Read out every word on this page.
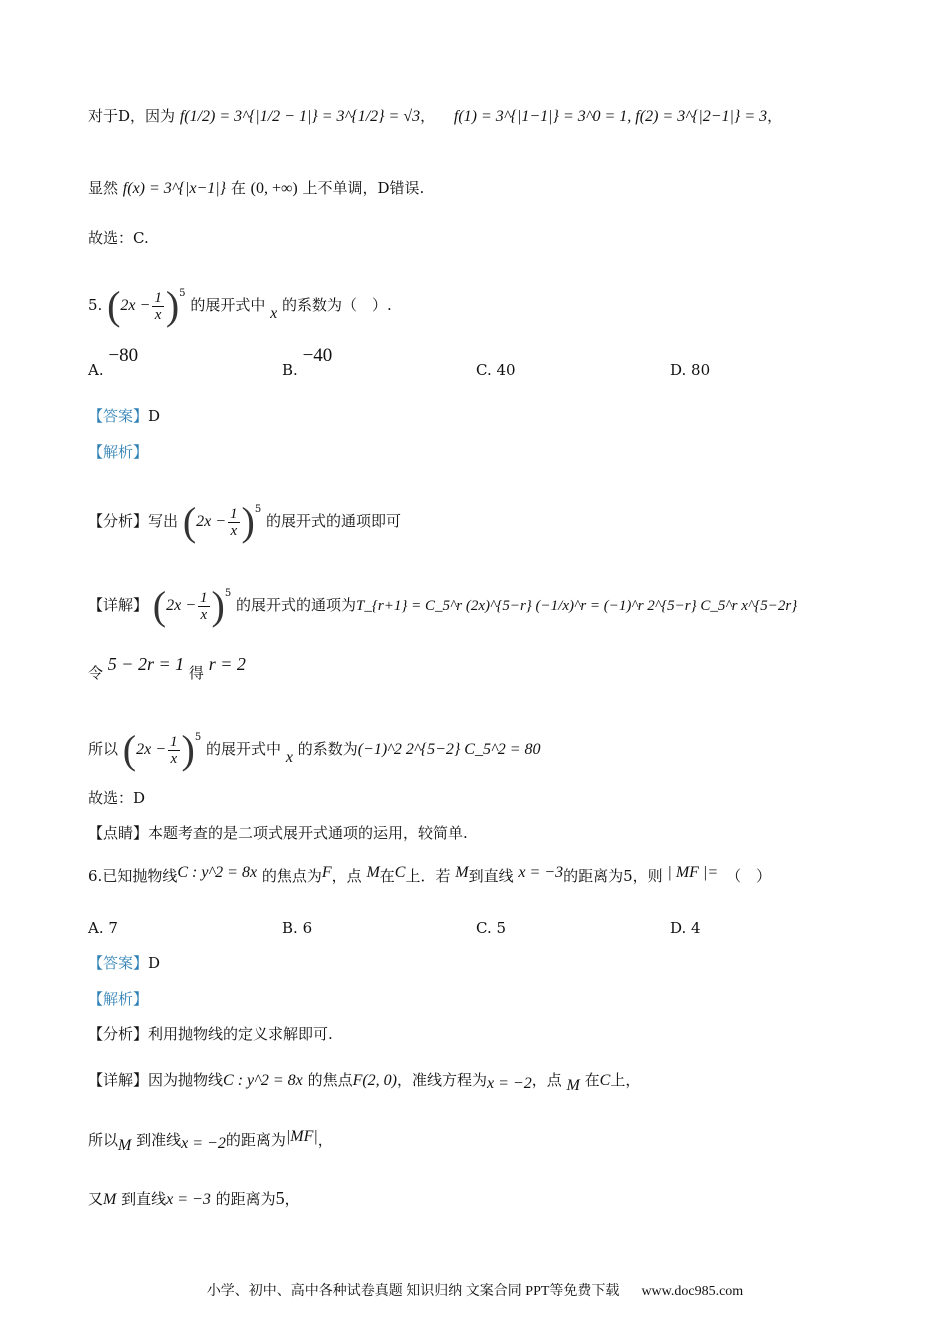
对于D，因为 f(1/2) = 3^{|1/2 − 1|} = 3^{1/2} = √3， f(1) = 3^{|1−1|} = 3^0 = 1, f(2) = 3^{|2−1|} = 3，
显然 f(x) = 3^{|x−1|} 在 (0, +∞) 上不单调，D错误.
故选：C.
5. $(2x - \frac{1}{x} )^5$ 的展开式中 x 的系数为（　）.
A. −80
B. −40
C. 40	D. 80
【答案】D
【解析】
【分析】写出 $(2x - \frac{1}{x} )^5$ 的展开式的通项即可
【详解】 $(2x - \frac{1}{x} )^5$ 的展开式的通项为T_{r+1} = C_5^r (2x)^{5−r} (−1/x)^r = (−1)^r 2^{5−r} C_5^r x^{5−2r}
令 5 − 2r = 1 得 r = 2
所以 $(2x - \frac{1}{x} )^5$ 的展开式中 x 的系数为(−1)^2 2^{5−2} C_5^2 = 80
故选：D
【点睛】本题考查的是二项式展开式通项的运用，较简单.
6.已知抛物线C : y^2 = 8x 的焦点为F，点 M在C上．若 M到直线 x = −3的距离为5，则 | MF |= （　）
A. 7	B. 6	C. 5	D. 4
【答案】D
【解析】
【分析】利用抛物线的定义求解即可.
【详解】因为抛物线C : y^2 = 8x 的焦点F(2, 0)，准线方程为x = −2，点 M 在C上，
所以M 到准线x = −2的距离为|MF|，
又M 到直线x = −3 的距离为5，
小学、初中、高中各种试卷真题 知识归纳 文案合同 PPT等免费下载 www.doc985.com
